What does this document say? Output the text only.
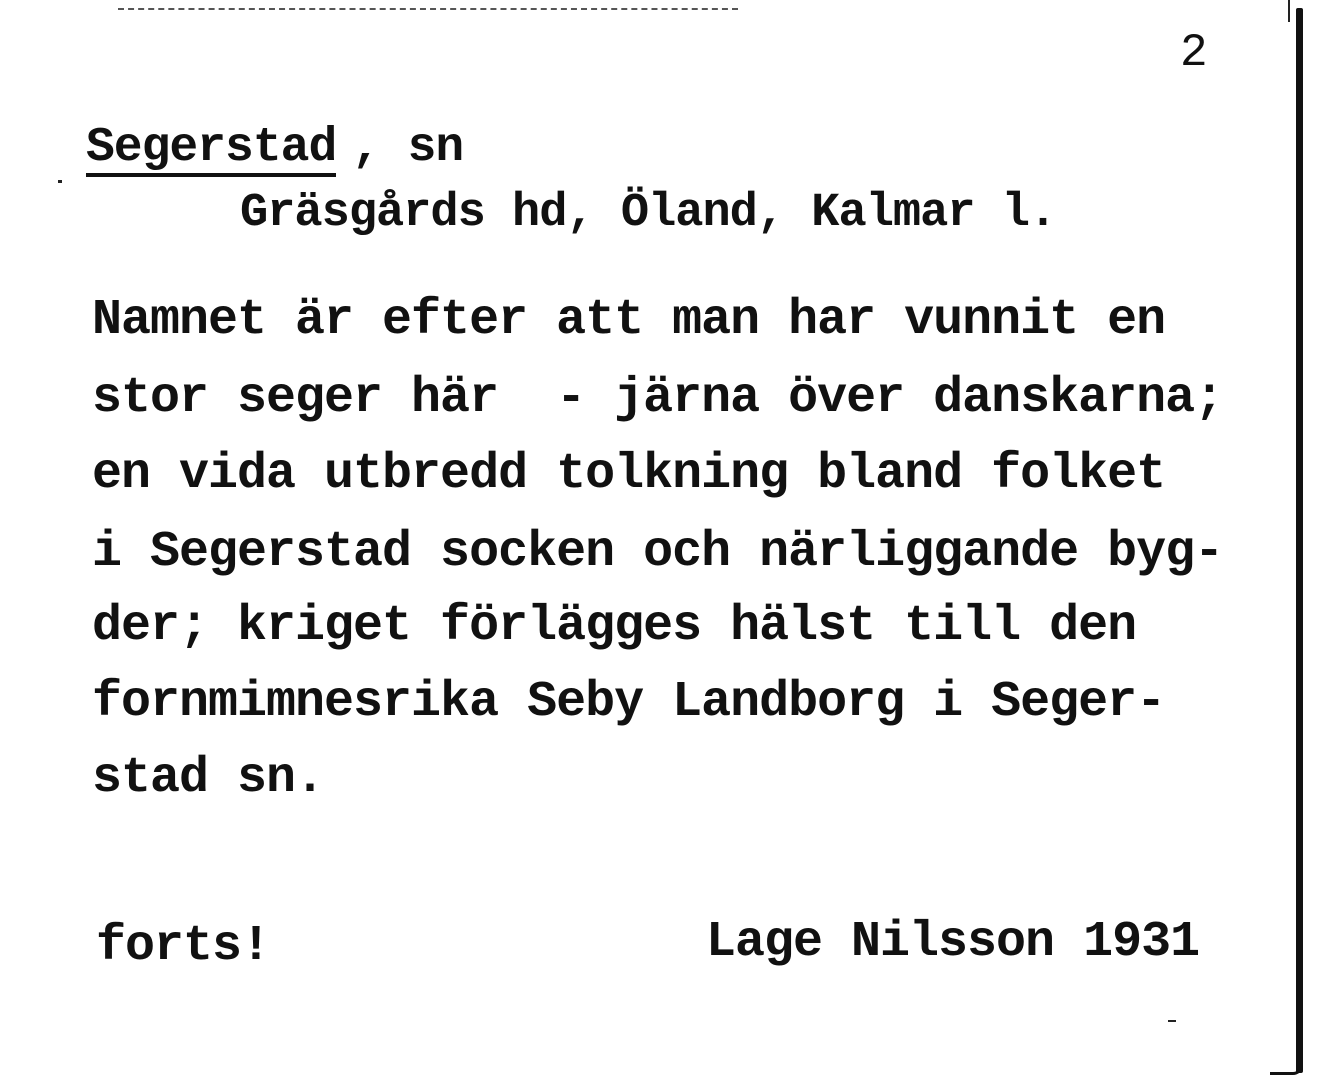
2
Segerstad , sn
Gräsgårds hd, Öland, Kalmar l.
Namnet är efter att man har vunnit en
stor seger här  - järna över danskarna;
en vida utbredd tolkning bland folket
i Segerstad socken och närliggande byg-
der; kriget förlägges hälst till den
fornmimnesrika Seby Landborg i Seger-
stad sn.
forts!	Lage Nilsson 1931
